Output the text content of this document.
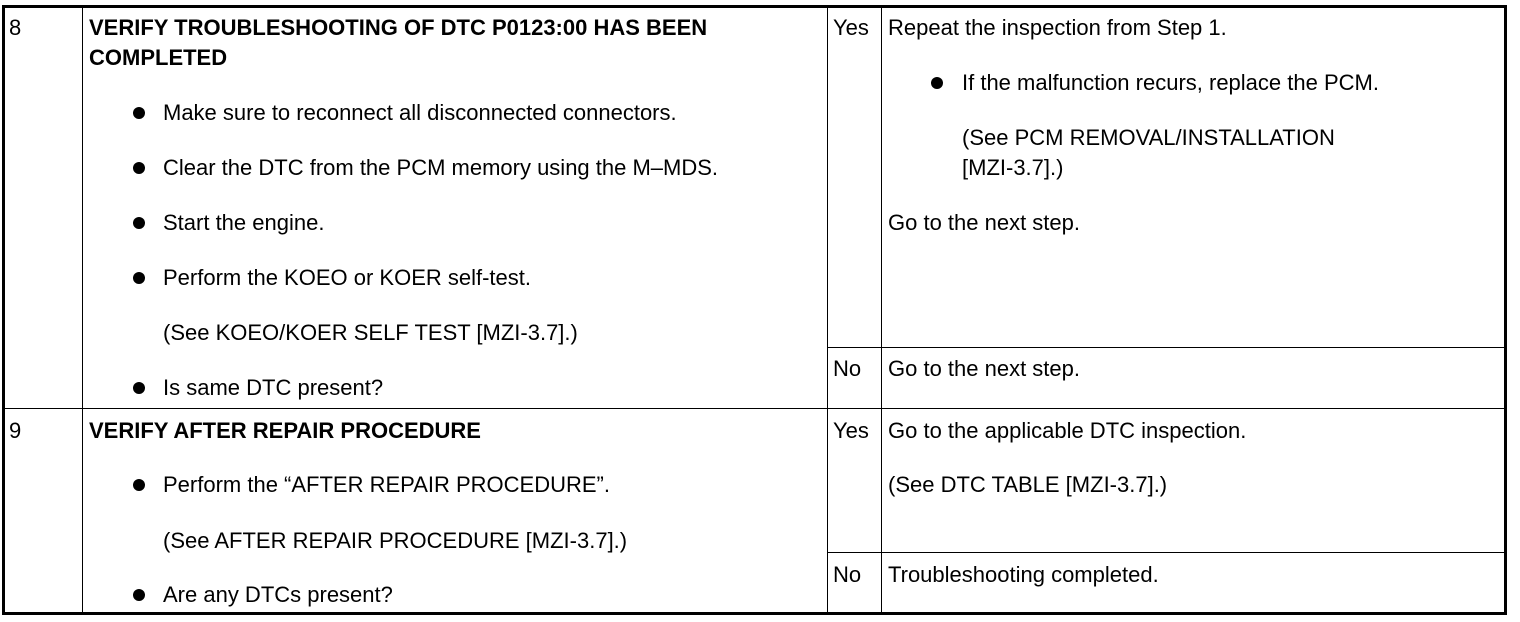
8	VERIFY TROUBLESHOOTING OF DTC P0123:00 HAS BEEN
COMPLETED
Make sure to reconnect all disconnected connectors.
Clear the DTC from the PCM memory using the M–MDS.
Start the engine.
Perform the KOEO or KOER self-test.
(See KOEO/KOER SELF TEST [MZI-3.7].)
Is same DTC present?
Yes Repeat the inspection from Step 1.
If the malfunction recurs, replace the PCM.
(See PCM REMOVAL/INSTALLATION
[MZI-3.7].)
Go to the next step.
No Go to the next step.
9	VERIFY AFTER REPAIR PROCEDURE
Perform the “AFTER REPAIR PROCEDURE”.
(See AFTER REPAIR PROCEDURE [MZI-3.7].)
Are any DTCs present?
Yes Go to the applicable DTC inspection.
(See DTC TABLE [MZI-3.7].)
No Troubleshooting completed.
